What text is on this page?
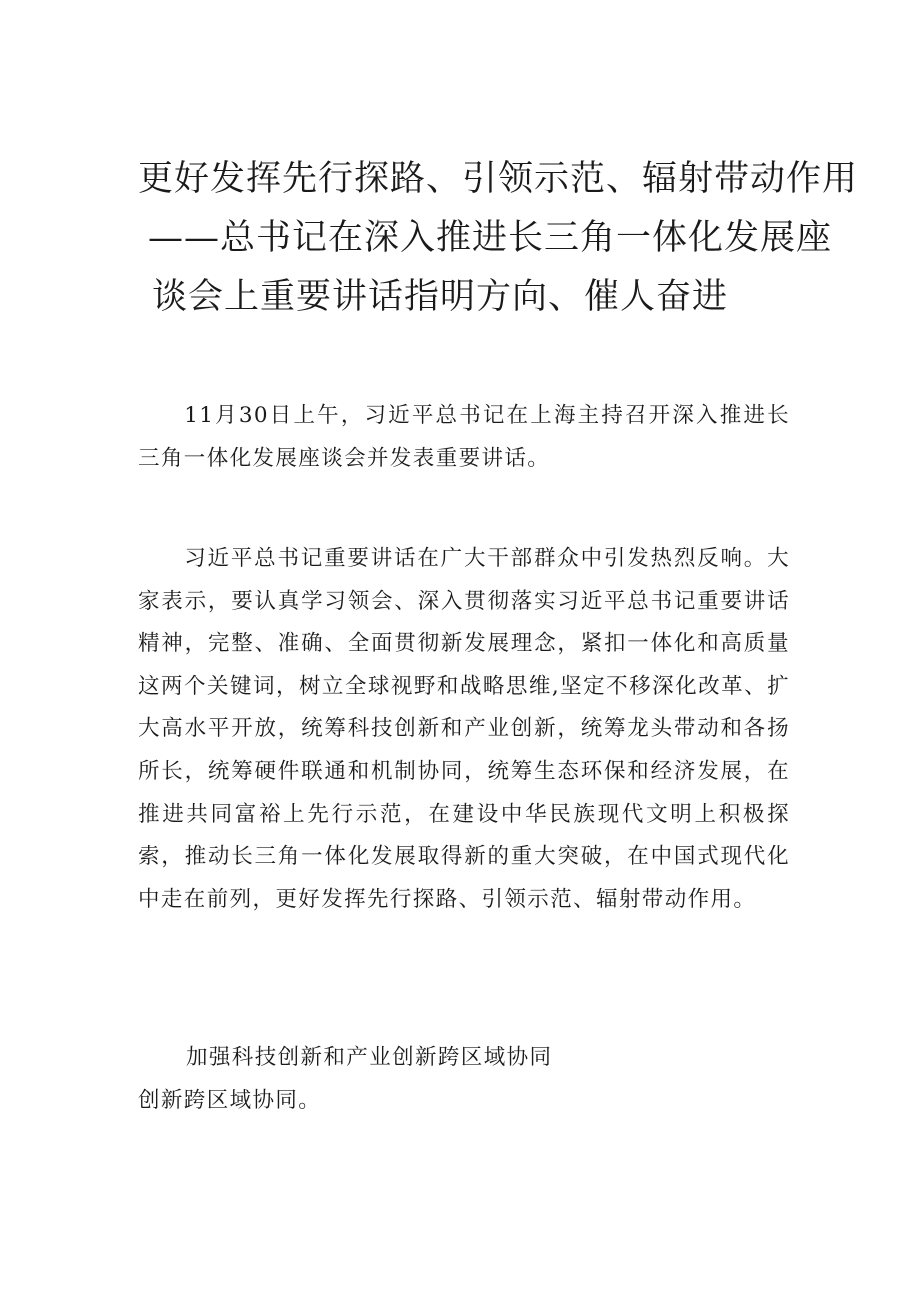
更好发挥先行探路、引领示范、辐射带动作用
——总书记在深入推进长三角一体化发展座
谈会上重要讲话指明方向、催人奋进

11月30日上午，习近平总书记在上海主持召开深入推进长三角一体化发展座谈会并发表重要讲话。

习近平总书记重要讲话在广大干部群众中引发热烈反响。大家表示，要认真学习领会、深入贯彻落实习近平总书记重要讲话精神，完整、准确、全面贯彻新发展理念，紧扣一体化和高质量这两个关键词，树立全球视野和战略思维,坚定不移深化改革、扩大高水平开放，统筹科技创新和产业创新，统筹龙头带动和各扬所长，统筹硬件联通和机制协同，统筹生态环保和经济发展，在推进共同富裕上先行示范，在建设中华民族现代文明上积极探索，推动长三角一体化发展取得新的重大突破，在中国式现代化中走在前列，更好发挥先行探路、引领示范、辐射带动作用。

加强科技创新和产业创新跨区域协同
创新跨区域协同。
